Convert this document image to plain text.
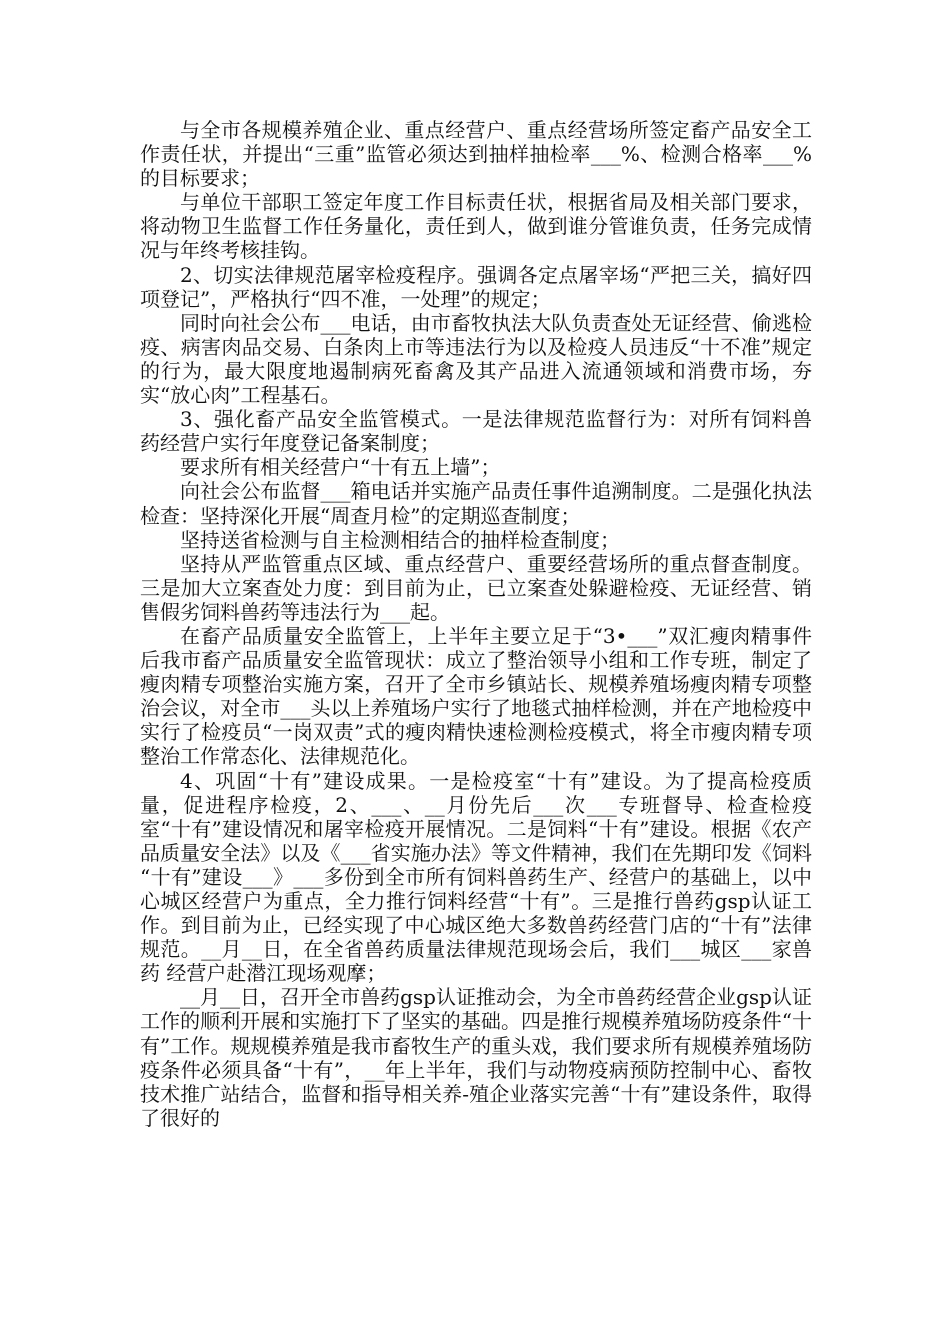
与全市各规模养殖企业、重点经营户、重点经营场所签定畜产品安全工作责任状，并提出“三重”监管必须达到抽样抽检率___%、检测合格率___%的目标要求；

与单位干部职工签定年度工作目标责任状，根据省局及相关部门要求，将动物卫生监督工作任务量化，责任到人，做到谁分管谁负责，任务完成情况与年终考核挂钩。

2、切实法律规范屠宰检疫程序。强调各定点屠宰场“严把三关，搞好四项登记”，严格执行“四不准，一处理”的规定；

同时向社会公布___电话，由市畜牧执法大队负责查处无证经营、偷逃检疫、病害肉品交易、白条肉上市等违法行为以及检疫人员违反“十不准”规定的行为，最大限度地遏制病死畜禽及其产品进入流通领域和消费市场，夯实“放心肉”工程基石。

3、强化畜产品安全监管模式。一是法律规范监督行为：对所有饲料兽药经营户实行年度登记备案制度；

要求所有相关经营户“十有五上墙”；

向社会公布监督___箱电话并实施产品责任事件追溯制度。二是强化执法检查：坚持深化开展“周查月检”的定期巡查制度；

坚持送省检测与自主检测相结合的抽样检查制度；

坚持从严监管重点区域、重点经营户、重要经营场所的重点督查制度。三是加大立案查处力度：到目前为止，已立案查处躲避检疫、无证经营、销售假劣饲料兽药等违法行为___起。

在畜产品质量安全监管上，上半年主要立足于“3•___”双汇瘦肉精事件后我市畜产品质量安全监管现状：成立了整治领导小组和工作专班，制定了瘦肉精专项整治实施方案，召开了全市乡镇站长、规模养殖场瘦肉精专项整治会议，对全市___头以上养殖场户实行了地毯式抽样检测，并在产地检疫中实行了检疫员“一岗双责”式的瘦肉精快速检测检疫模式，将全市瘦肉精专项整治工作常态化、法律规范化。

4、巩固“十有”建设成果。一是检疫室“十有”建设。为了提高检疫质量，促进程序检疫，2、___、__月份先后___次___专班督导、检查检疫室“十有”建设情况和屠宰检疫开展情况。二是饲料“十有”建设。根据《农产品质量安全法》以及《___省实施办法》等文件精神，我们在先期印发《饲料 “十有”建设___》___多份到全市所有饲料兽药生产、经营户的基础上，以中心城区经营户为重点，全力推行饲料经营“十有”。三是推行兽药gsp认证工作。到目前为止，已经实现了中心城区绝大多数兽药经营门店的“十有”法律规范。__月__日，在全省兽药质量法律规范现场会后，我们___城区___家兽药 经营户赴潜江现场观摩；

__月__日，召开全市兽药gsp认证推动会，为全市兽药经营企业gsp认证工作的顺利开展和实施打下了坚实的基础。四是推行规模养殖场防疫条件“十有”工作。规规模养殖是我市畜牧生产的重头戏，我们要求所有规模养殖场防疫条件必须具备“十有”，__年上半年，我们与动物疫病预防控制中心、畜牧技术推广站结合，监督和指导相关养-殖企业落实完善“十有”建设条件，取得了很好的
